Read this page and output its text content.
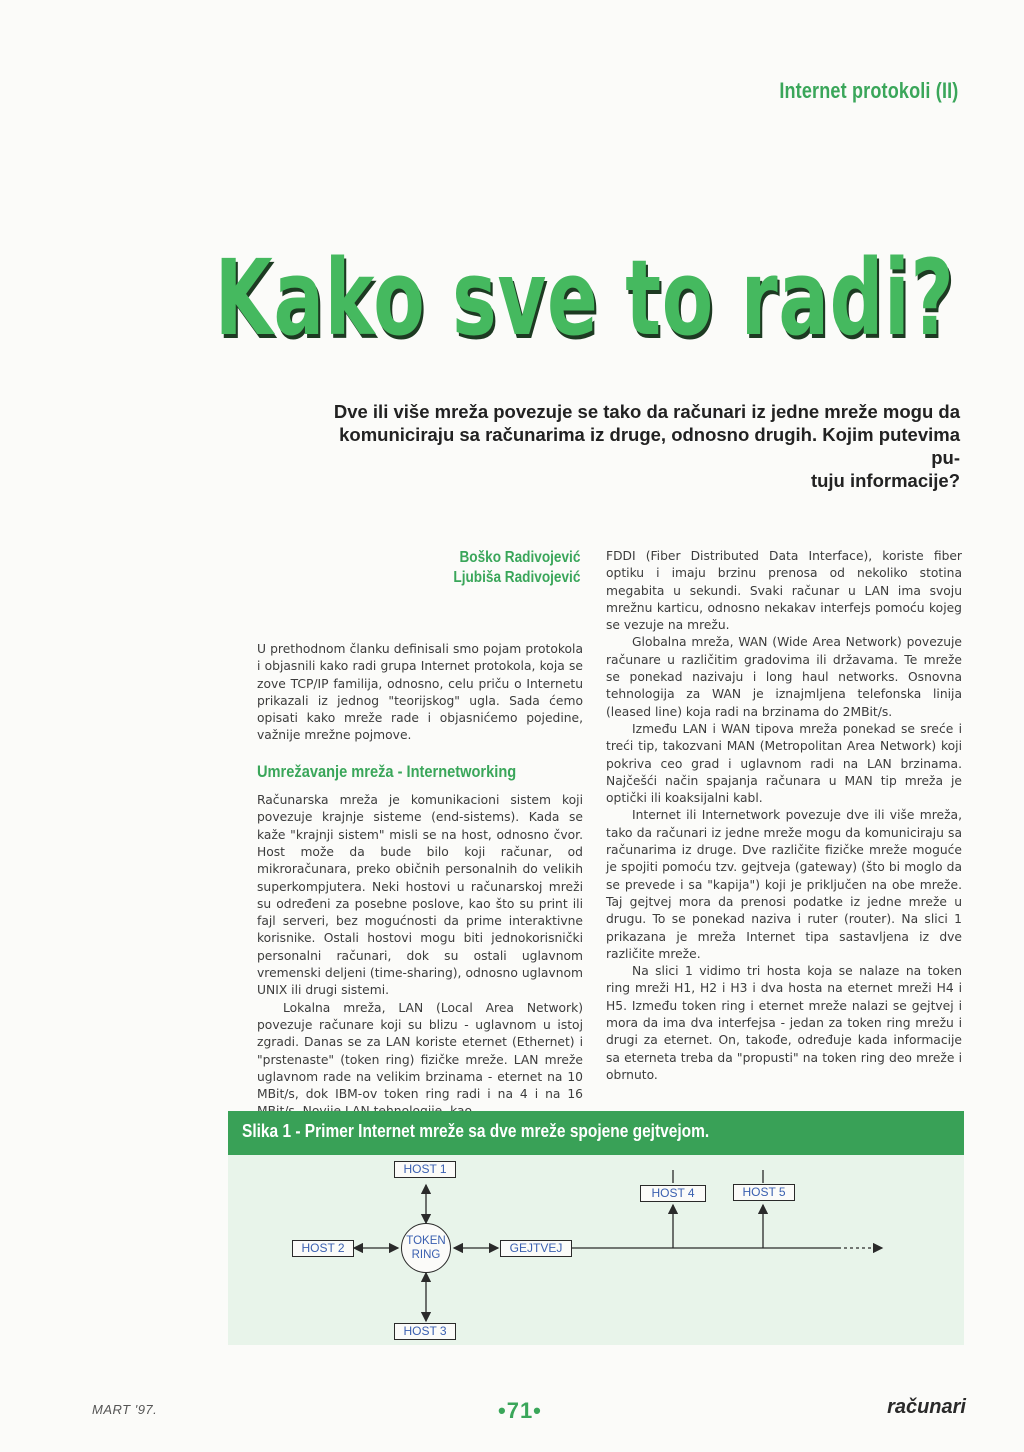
Internet protokoli (II)
Kako sve to radi?
Dve ili više mreža povezuje se tako da računari iz jedne mreže mogu da
komuniciraju sa računarima iz druge, odnosno drugih. Kojim putevima pu-
tuju informacije?
Boško Radivojević
Ljubiša Radivojević

U prethodnom članku definisali smo pojam protokola i objasnili kako radi grupa Internet protokola, koja se zove TCP/IP familija, odnosno, celu priču o Internetu prikazali iz jednog "teorijskog" ugla. Sada ćemo opisati kako mreže rade i objasnićemo pojedine, važnije mrežne pojmove.

Umrežavanje mreža - Internetworking

Računarska mreža je komunikacioni sistem koji povezuje krajnje sisteme (end-sistems). Kada se kaže "krajnji sistem" misli se na host, odnosno čvor. Host može da bude bilo koji računar, od mikroračunara, preko običnih personalnih do velikih superkompjutera. Neki hostovi u računarskoj mreži su određeni za posebne poslove, kao što su print ili fajl serveri, bez mogućnosti da prime interaktivne korisnike. Ostali hostovi mogu biti jednokorisnički personalni računari, dok su ostali uglavnom vremenski deljeni (time-sharing), odnosno uglavnom UNIX ili drugi sistemi.

Lokalna mreža, LAN (Local Area Network) povezuje računare koji su blizu - uglavnom u istoj zgradi. Danas se za LAN koriste eternet (Ethernet) i "prstenaste" (token ring) fizičke mreže. LAN mreže uglavnom rade na velikim brzinama - eternet na 10 MBit/s, dok IBM-ov token ring radi i na 4 i na 16

FDDI (Fiber Distributed Data Interface), koriste fiber optiku i imaju brzinu prenosa od nekoliko stotina megabita u sekundi. Svaki računar u LAN ima svoju mrežnu karticu, odnosno nekakav interfejs pomoću kojeg se vezuje na mrežu.

Globalna mreža, WAN (Wide Area Network) povezuje računare u različitim gradovima ili državama. Te mreže se ponekad nazivaju i long haul networks. Osnovna tehnologija za WAN je iznajmljena telefonska linija (leased line) koja radi na brzinama do 2MBit/s.

Između LAN i WAN tipova mreža ponekad se sreće i treći tip, takozvani MAN (Metropolitan Area Network) koji pokriva ceo grad i uglavnom radi na LAN brzinama. Najčešći način spajanja računara u MAN tip mreža je optički ili koaksijalni kabl.

Internet ili Internetwork povezuje dve ili više mreža, tako da računari iz jedne mreže mogu da komuniciraju sa računarima iz druge. Dve različite fizičke mreže moguće je spojiti pomoću tzv. gejtveja (gateway) (što bi moglo da se prevede i sa "kapija") koji je priključen na obe mreže. Taj gejtvej mora da prenosi podatke iz jedne mreže u drugu. To se ponekad naziva i ruter (router). Na slici 1 prikazana je mreža Internet tipa sastavljena iz dve različite mreže.

Na slici 1 vidimo tri hosta koja se nalaze na token ring mreži H1, H2 i H3 i dva hosta na eternet mreži H4 i H5. Između token ring i eternet mreže nalazi se gejtvej i mora da ima dva interfejsa - jedan za token ring mrežu i drugi za eternet. On, takođe, određuje kada informacije sa eterneta treba da "propusti" na token ring deo mreže i obrnuto.

Slika 1 - Primer Internet mreže sa dve mreže spojene gejtvejom.
HOST 1
HOST 2
HOST 3
HOST 4	HOST 5
GEJTVEJ
TOKEN
RING
MART '97.	•71•	računari
